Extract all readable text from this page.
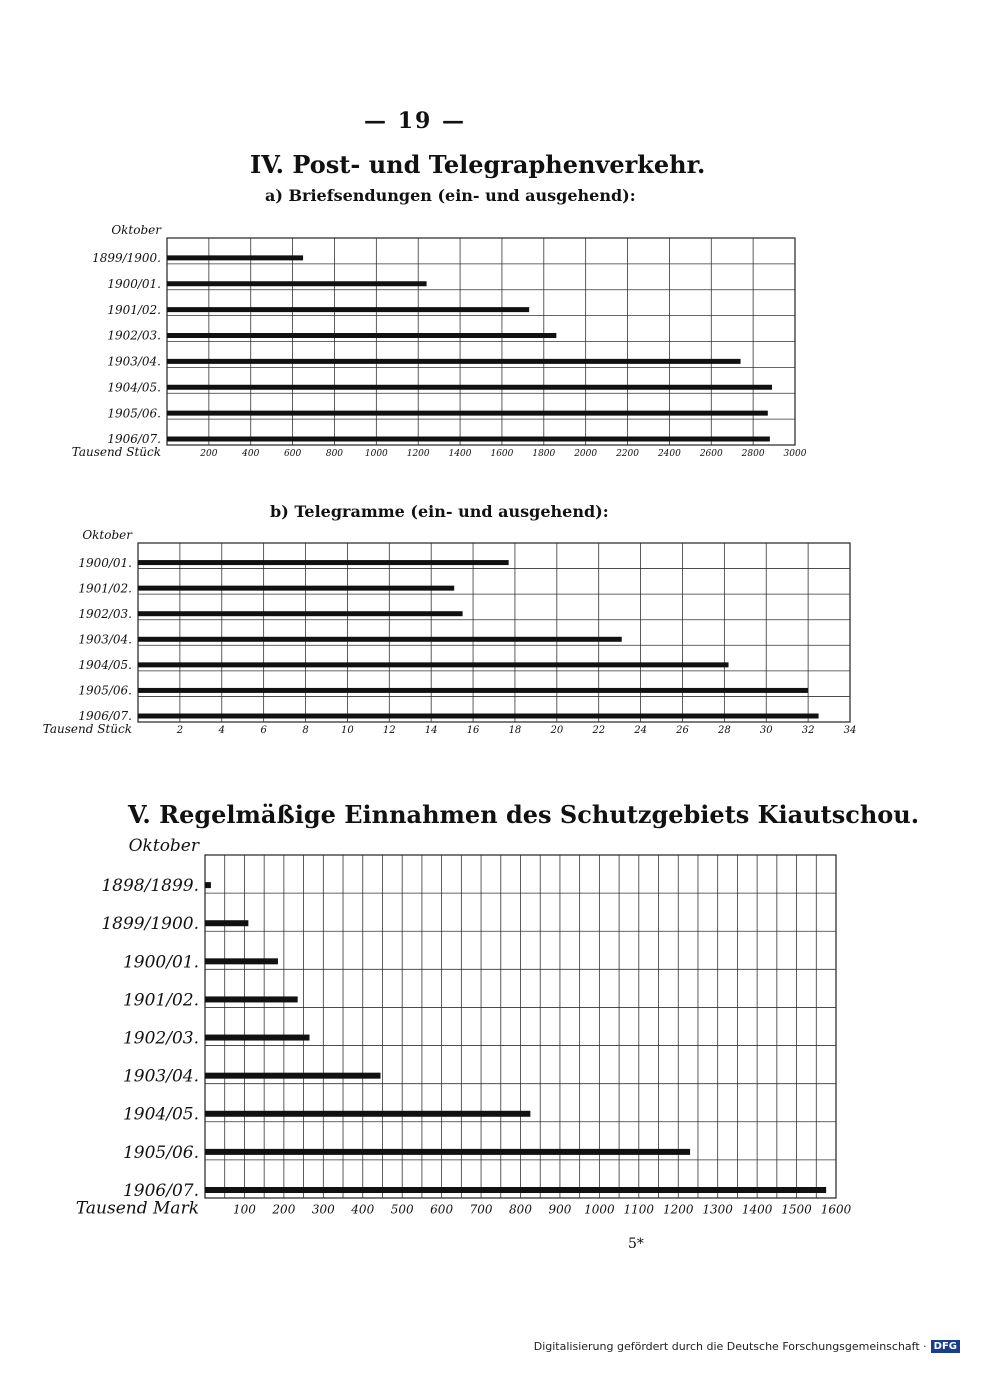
— 19 —
IV. Post- und Telegraphenverkehr.
a) Briefsendungen (ein- und ausgehend):
b) Telegramme (ein- und ausgehend):
V. Regelmäßige Einnahmen des Schutzgebiets Kiautschou.
Oktober
1899/1900.
1900/01.
1901/02.
1902/03.
1903/04.
1904/05.
1905/06.
1906/07.
200	400	600	800 1000 1200 1400 1600 1800 2000 2200 2400 2600 2800 3000
Tausend Stück
Oktober
1900/01.
1901/02.
1902/03.
1903/04.
1904/05.
1905/06.
1906/07.
2	4	6	8	10	12	14	16	18	20	22	24	26	28	30	32	34
Tausend Stück
Oktober
1898/1899.
1899/1900.
1900/01.
1901/02.
1902/03.
1903/04.
1904/05.
1905/06.
1906/07.
100 200 300 400 500 600 700 800 900 1000 1100 1200 1300 1400 1500 1600
Tausend Mark
5*
Digitalisierung gefördert durch die Deutsche Forschungsgemeinschaft · DFG
